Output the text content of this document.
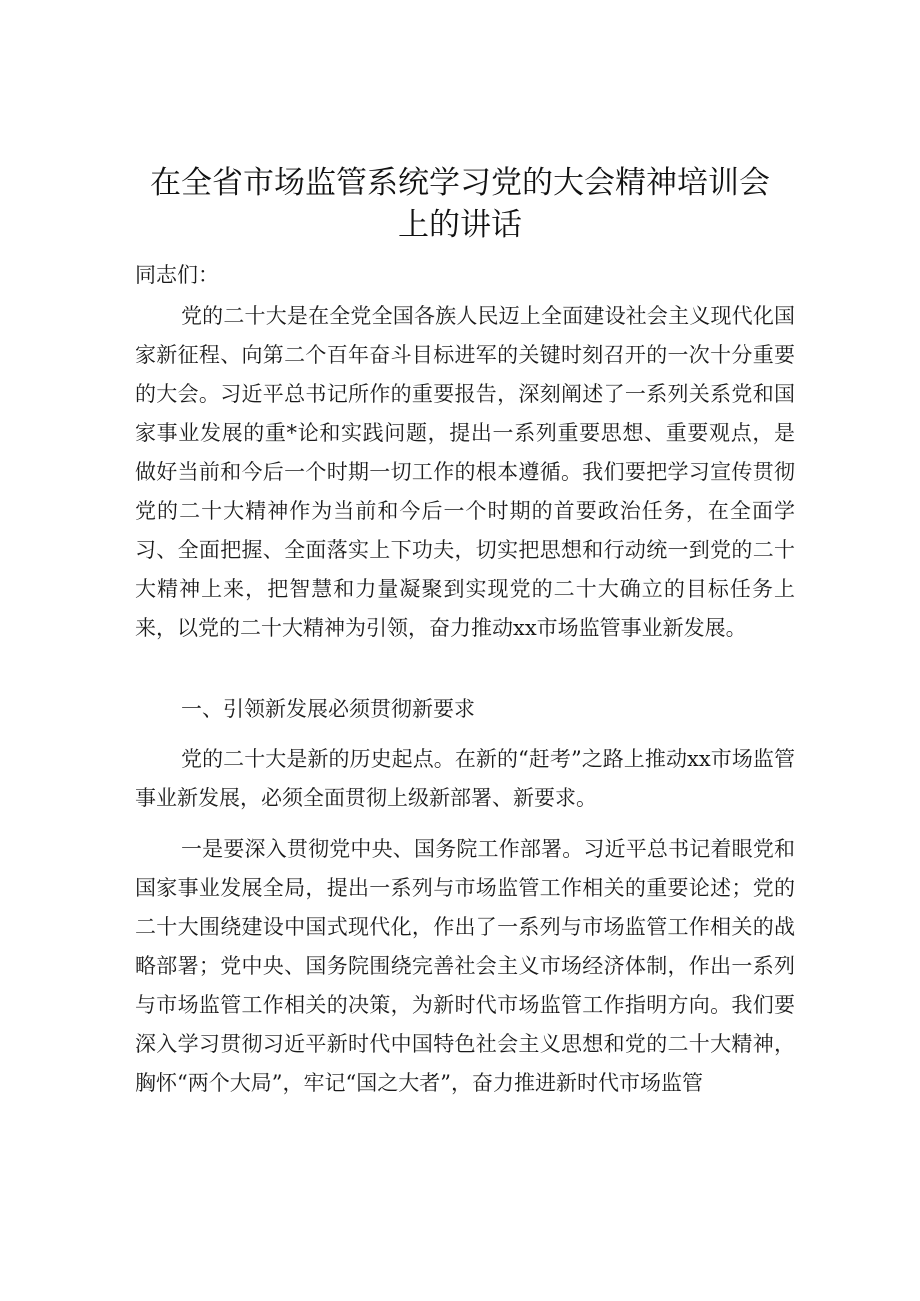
在全省市场监管系统学习党的大会精神培训会
上的讲话
同志们：

党的二十大是在全党全国各族人民迈上全面建设社会主义现代化国家新征程、向第二个百年奋斗目标进军的关键时刻召开的一次十分重要的大会。习近平总书记所作的重要报告，深刻阐述了一系列关系党和国家事业发展的重*论和实践问题，提出一系列重要思想、重要观点，是做好当前和今后一个时期一切工作的根本遵循。我们要把学习宣传贯彻党的二十大精神作为当前和今后一个时期的首要政治任务，在全面学习、全面把握、全面落实上下功夫，切实把思想和行动统一到党的二十大精神上来，把智慧和力量凝聚到实现党的二十大确立的目标任务上来，以党的二十大精神为引领，奋力推动xx市场监管事业新发展。

一、引领新发展必须贯彻新要求

党的二十大是新的历史起点。在新的“赶考”之路上推动xx市场监管事业新发展，必须全面贯彻上级新部署、新要求。

一是要深入贯彻党中央、国务院工作部署。习近平总书记着眼党和国家事业发展全局，提出一系列与市场监管工作相关的重要论述；党的二十大围绕建设中国式现代化，作出了一系列与市场监管工作相关的战略部署；党中央、国务院围绕完善社会主义市场经济体制，作出一系列与市场监管工作相关的决策，为新时代市场监管工作指明方向。我们要深入学习贯彻习近平新时代中国特色社会主义思想和党的二十大精神，胸怀“两个大局”，牢记“国之大者”，奋力推进新时代市场监管
